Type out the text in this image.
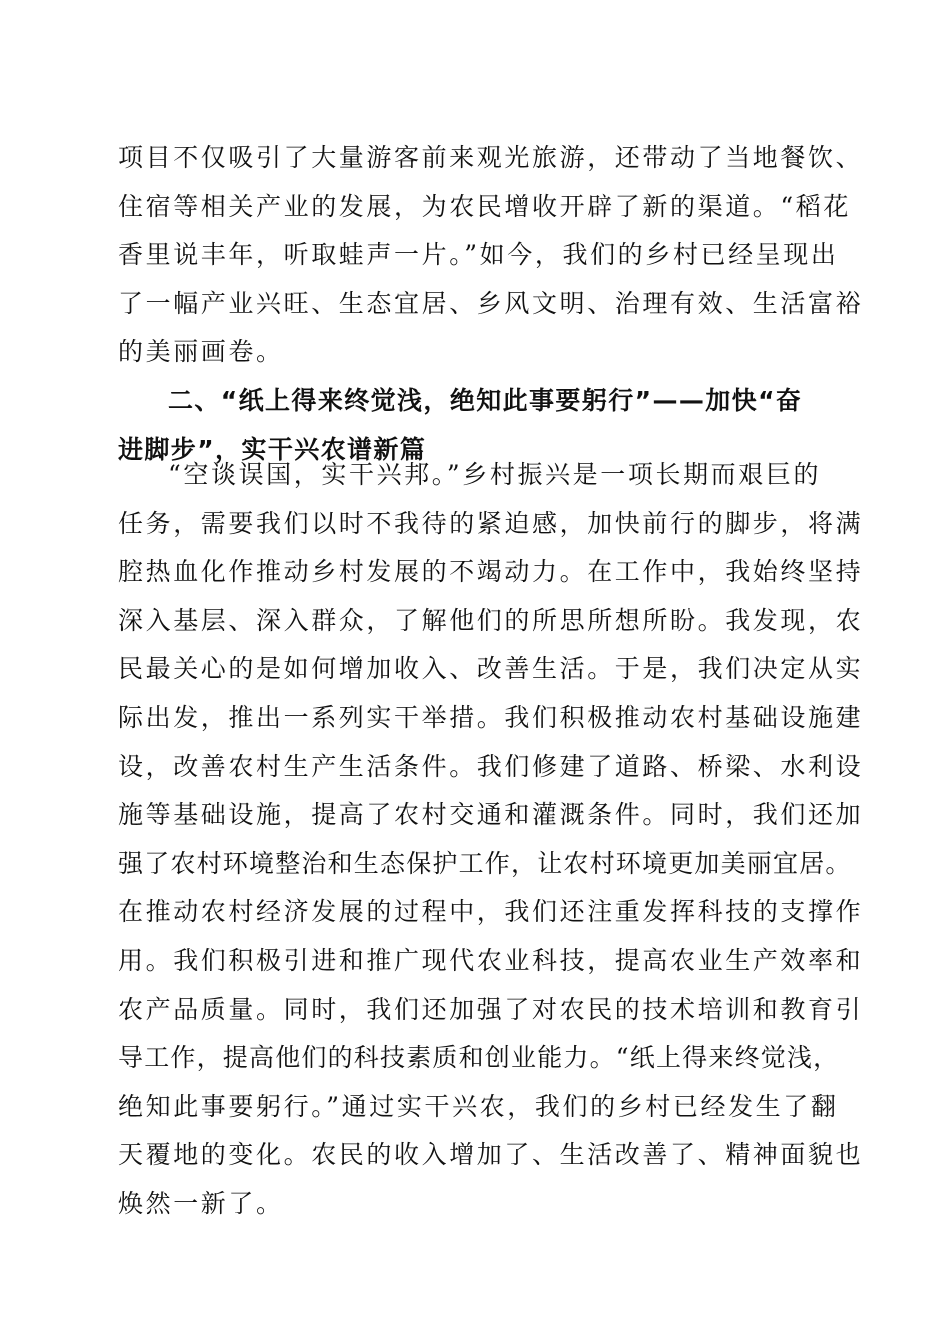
项目不仅吸引了大量游客前来观光旅游，还带动了当地餐饮、
住宿等相关产业的发展，为农民增收开辟了新的渠道。“稻花
香里说丰年，听取蛙声一片。”如今，我们的乡村已经呈现出
了一幅产业兴旺、生态宜居、乡风文明、治理有效、生活富裕
的美丽画卷。
二、“纸上得来终觉浅，绝知此事要躬行”——加快“奋
进脚步”，实干兴农谱新篇
“空谈误国，实干兴邦。”乡村振兴是一项长期而艰巨的
任务，需要我们以时不我待的紧迫感，加快前行的脚步，将满
腔热血化作推动乡村发展的不竭动力。在工作中，我始终坚持
深入基层、深入群众，了解他们的所思所想所盼。我发现，农
民最关心的是如何增加收入、改善生活。于是，我们决定从实
际出发，推出一系列实干举措。我们积极推动农村基础设施建
设，改善农村生产生活条件。我们修建了道路、桥梁、水利设
施等基础设施，提高了农村交通和灌溉条件。同时，我们还加
强了农村环境整治和生态保护工作，让农村环境更加美丽宜居。
在推动农村经济发展的过程中，我们还注重发挥科技的支撑作
用。我们积极引进和推广现代农业科技，提高农业生产效率和
农产品质量。同时，我们还加强了对农民的技术培训和教育引
导工作，提高他们的科技素质和创业能力。“纸上得来终觉浅，
绝知此事要躬行。”通过实干兴农，我们的乡村已经发生了翻
天覆地的变化。农民的收入增加了、生活改善了、精神面貌也
焕然一新了。
